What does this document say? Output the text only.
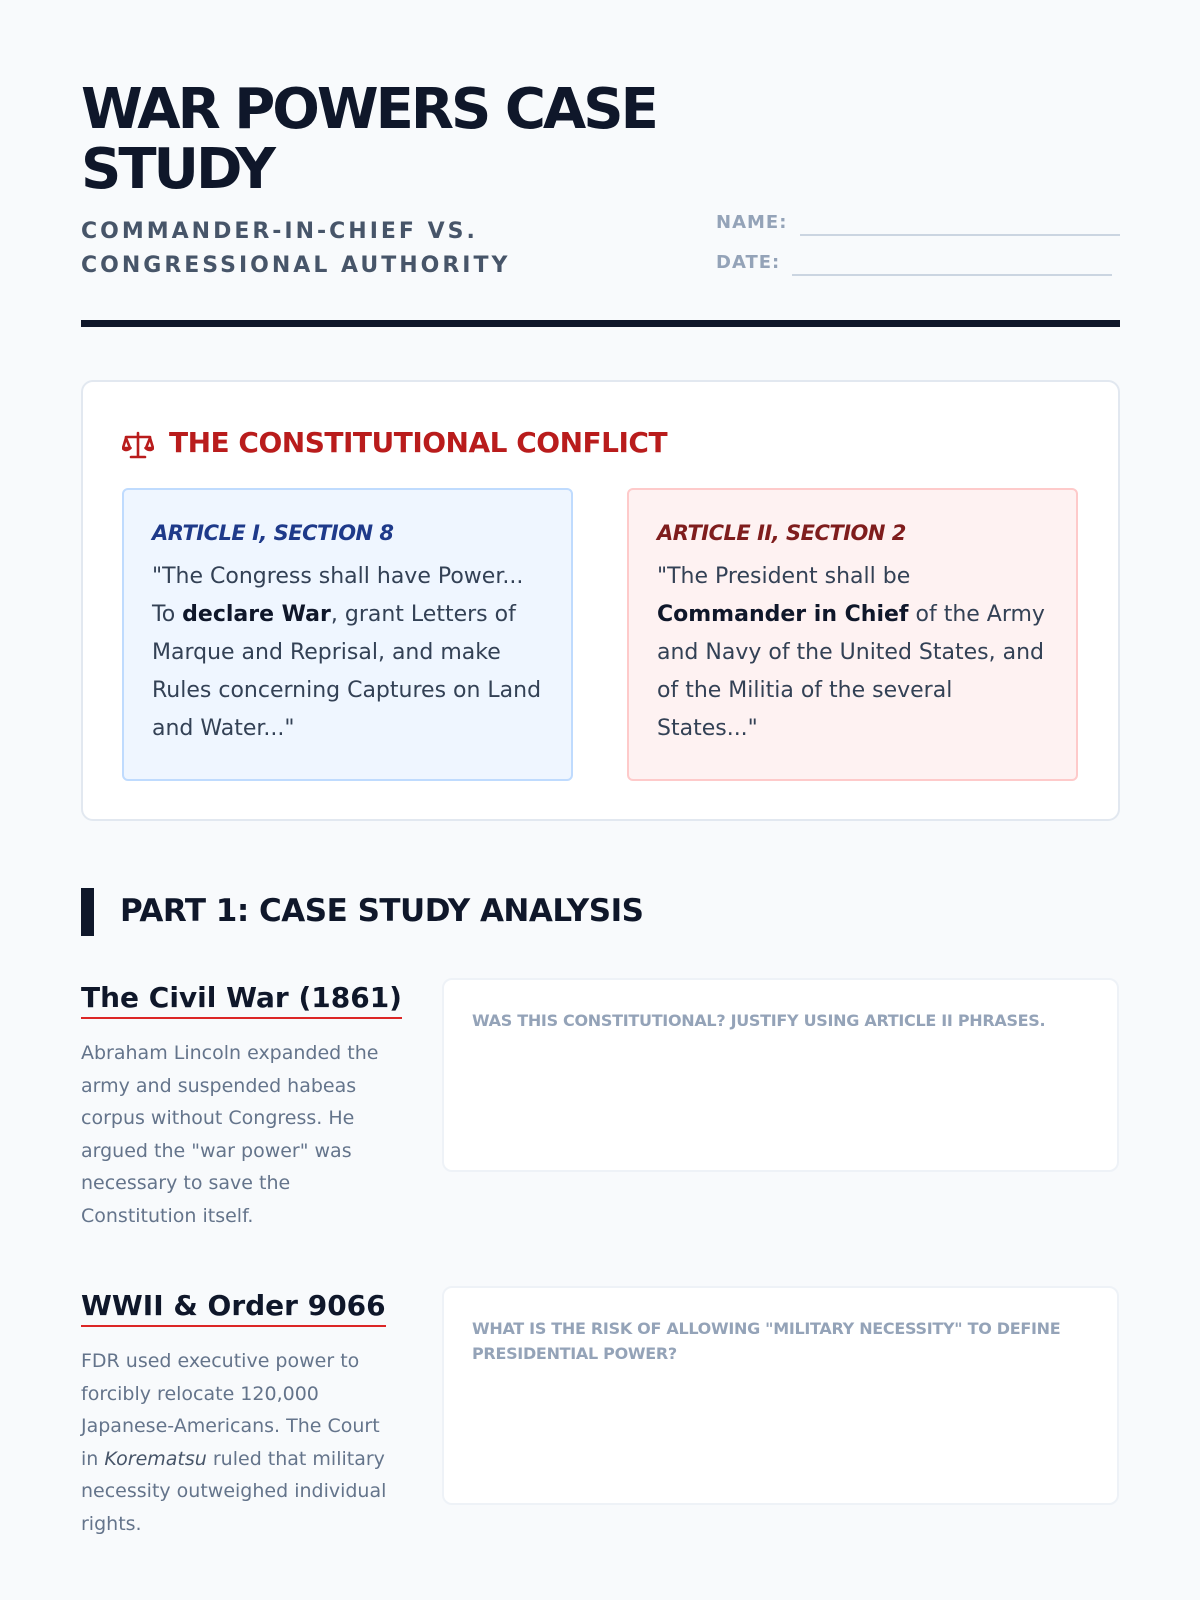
WAR POWERS CASE STUDY
COMMANDER-IN-CHIEF VS. CONGRESSIONAL AUTHORITY
NAME:
DATE:
THE CONSTITUTIONAL CONFLICT
ARTICLE I, SECTION 8
"The Congress shall have Power... To declare War, grant Letters of Marque and Reprisal, and make Rules concerning Captures on Land and Water..."
ARTICLE II, SECTION 2
"The President shall be Commander in Chief of the Army and Navy of the United States, and of the Militia of the several States..."
PART 1: CASE STUDY ANALYSIS
The Civil War (1861)
Abraham Lincoln expanded the army and suspended habeas corpus without Congress. He argued the "war power" was necessary to save the Constitution itself.
WAS THIS CONSTITUTIONAL? JUSTIFY USING ARTICLE II PHRASES.
WWII & Order 9066
FDR used executive power to forcibly relocate 120,000 Japanese-Americans. The Court in Korematsu ruled that military necessity outweighed individual rights.
WHAT IS THE RISK OF ALLOWING "MILITARY NECESSITY" TO DEFINE PRESIDENTIAL POWER?
